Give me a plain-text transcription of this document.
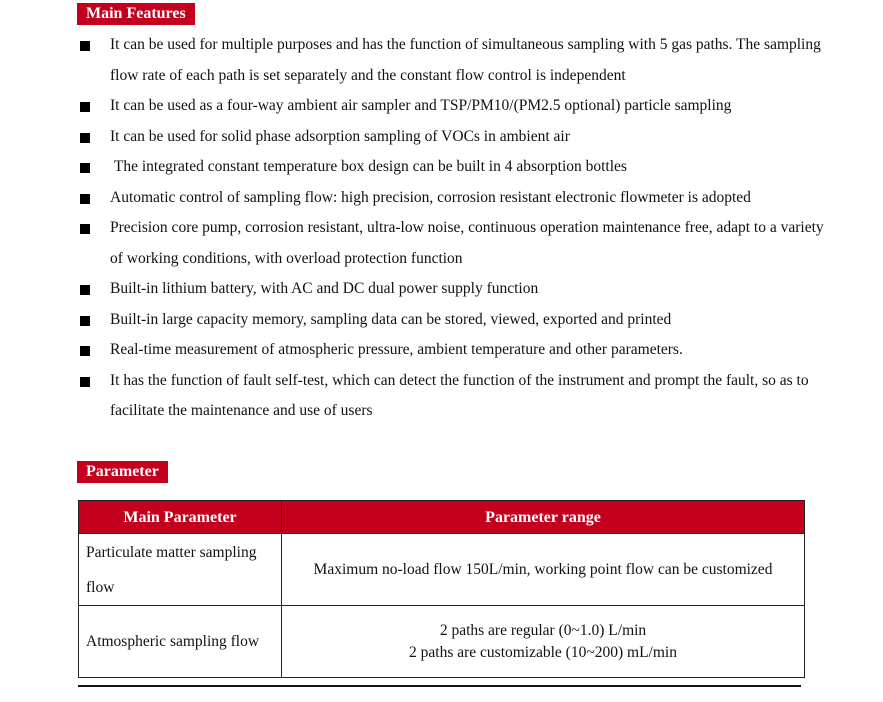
Main Features
It can be used for multiple purposes and has the function of simultaneous sampling with 5 gas paths. The sampling flow rate of each path is set separately and the constant flow control is independent
It can be used as a four-way ambient air sampler and TSP/PM10/(PM2.5 optional) particle sampling
It can be used for solid phase adsorption sampling of VOCs in ambient air
The integrated constant temperature box design can be built in 4 absorption bottles
Automatic control of sampling flow: high precision, corrosion resistant electronic flowmeter is adopted
Precision core pump, corrosion resistant, ultra-low noise, continuous operation maintenance free, adapt to a variety of working conditions, with overload protection function
Built-in lithium battery, with AC and DC dual power supply function
Built-in large capacity memory, sampling data can be stored, viewed, exported and printed
Real-time measurement of atmospheric pressure, ambient temperature and other parameters.
It has the function of fault self-test, which can detect the function of the instrument and prompt the fault, so as to facilitate the maintenance and use of users
Parameter
Main Parameter	Parameter range
Particulate matter sampling flow	Maximum no-load flow 150L/min, working point flow can be customized

Atmospheric sampling flow	2 paths are regular (0~1.0) L/min
2 paths are customizable (10~200) mL/min
